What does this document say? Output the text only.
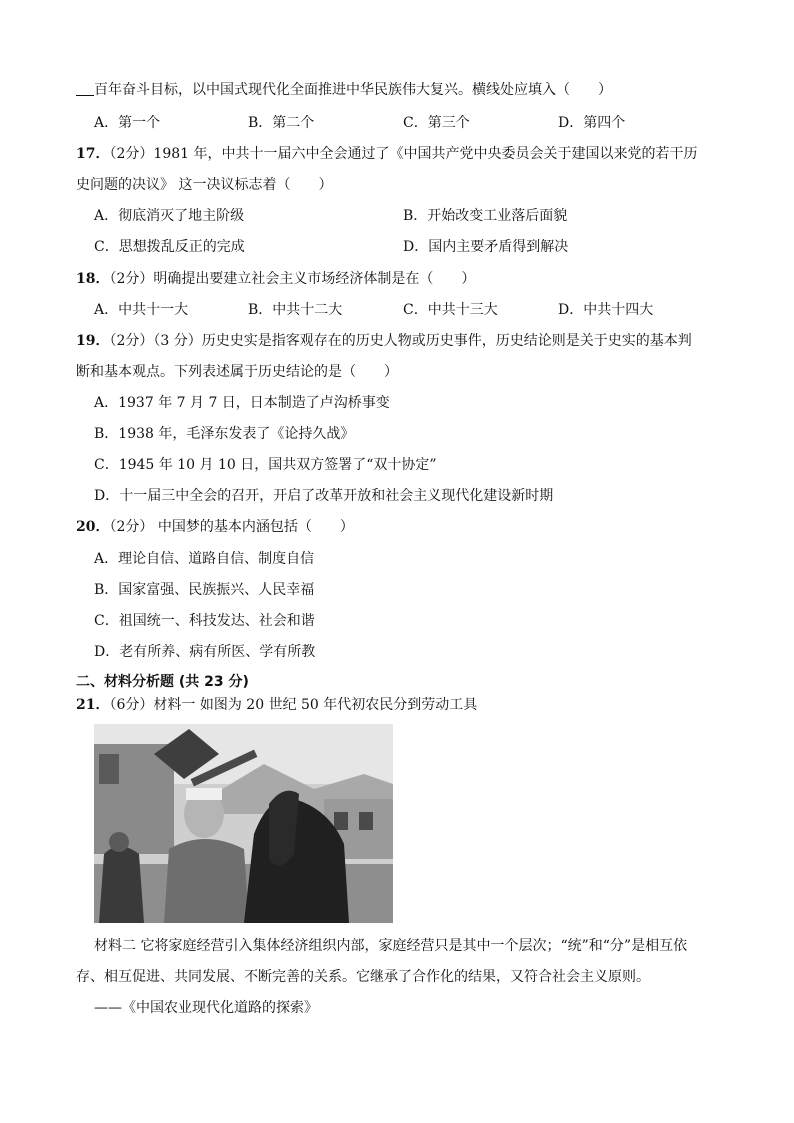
百年奋斗目标，以中国式现代化全面推进中华民族伟大复兴。横线处应填入（　　）
A．第一个	B．第二个	C．第三个	D．第四个
17．（2分）1981 年，中共十一届六中全会通过了《中国共产党中央委员会关于建国以来党的若干历
史问题的决议》 这一决议标志着（　　）
A．彻底消灭了地主阶级	B．开始改变工业落后面貌
C．思想拨乱反正的完成	D．国内主要矛盾得到解决
18．（2分）明确提出要建立社会主义市场经济体制是在（　　）
A．中共十一大	B．中共十二大	C．中共十三大	D．中共十四大
19．（2分）（3 分）历史史实是指客观存在的历史人物或历史事件，历史结论则是关于史实的基本判
断和基本观点。下列表述属于历史结论的是（　　）
A．1937 年 7 月 7 日，日本制造了卢沟桥事变
B．1938 年，毛泽东发表了《论持久战》
C．1945 年 10 月 10 日，国共双方签署了“双十协定”
D．十一届三中全会的召开，开启了改革开放和社会主义现代化建设新时期
20．（2分） 中国梦的基本内涵包括（　　）
A．理论自信、道路自信、制度自信
B．国家富强、民族振兴、人民幸福
C．祖国统一、科技发达、社会和谐
D．老有所养、病有所医、学有所教
二、材料分析题 (共 23 分)
21．（6分）材料一 如图为 20 世纪 50 年代初农民分到劳动工具
材料二 它将家庭经营引入集体经济组织内部，家庭经营只是其中一个层次；“统”和“分”是相互依
存、相互促进、共同发展、不断完善的关系。它继承了合作化的结果，又符合社会主义原则。
——《中国农业现代化道路的探索》
